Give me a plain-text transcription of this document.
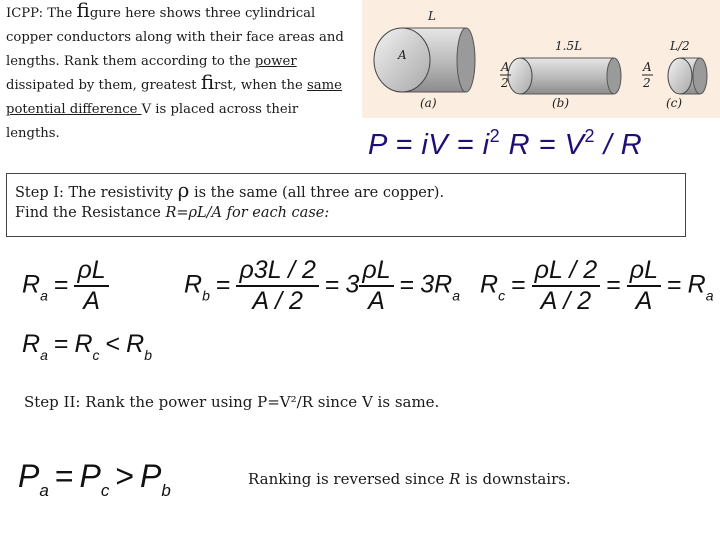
ICPP: The figure here shows three cylindrical copper conductors along with their face areas and lengths. Rank them according to the power dissipated by them, greatest first, when the same potential difference V is placed across their lengths.
L
A
(a)
1.5L
A
2
(b)
L/2
A
2
(c)
P = iV = $i^2$ $R = V^2 / R$
Step I: The resistivity ρ is the same (all three are copper).
Find the Resistance R=ρL/A for each case:
$R_a = \frac{\rho L}{A}$	$R_b = \frac{\rho 3L / 2}{A / 2} = 3 \frac{\rho L}{A} = 3R_a$ $R_c = \frac{\rho L / 2}{A / 2} = \frac{\rho L}{A} = R_a$
$R_a = R_c < R_b$
Step II: Rank the power using P=V²/R since V is same.
$P_a = P_c > P_b$
Ranking is reversed since R is downstairs.
